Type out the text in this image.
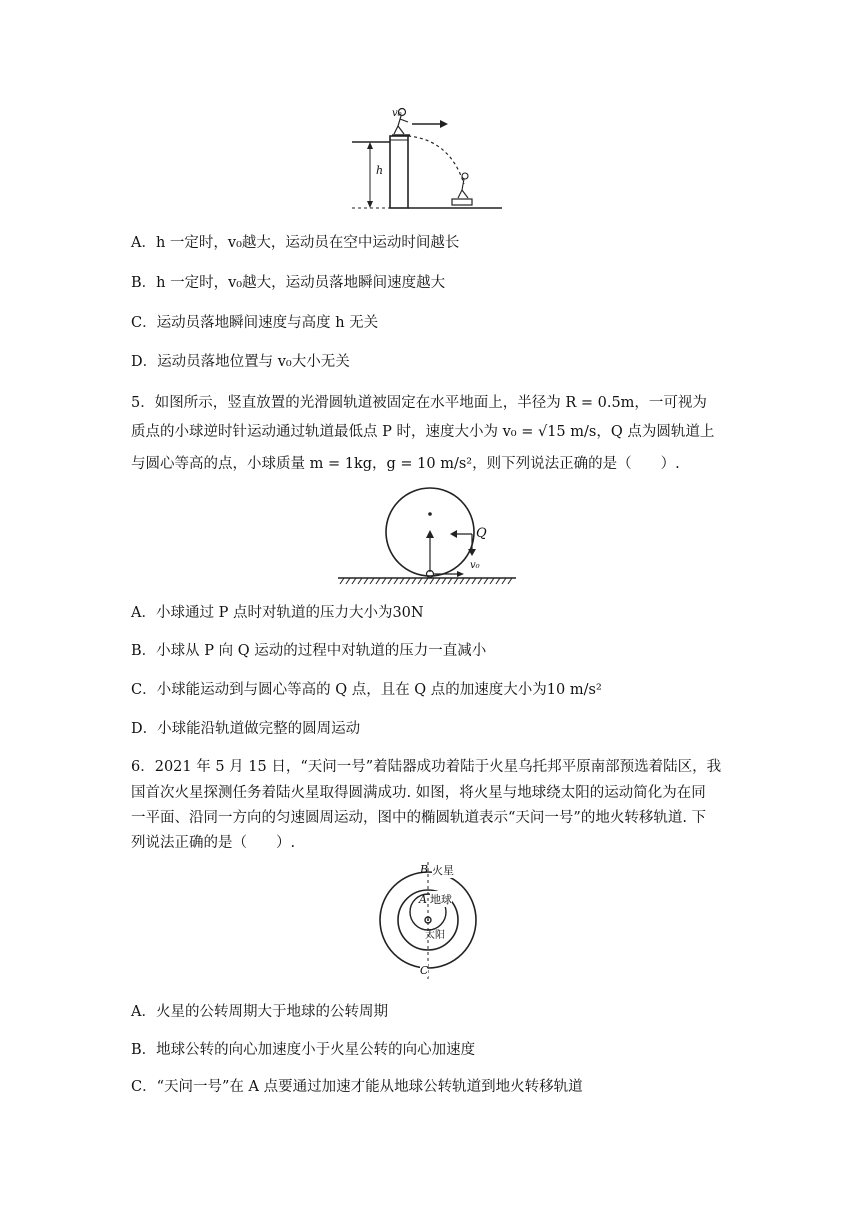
v₀
h
A．h 一定时，v₀越大，运动员在空中运动时间越长
B．h 一定时，v₀越大，运动员落地瞬间速度越大
C．运动员落地瞬间速度与高度 h 无关
D．运动员落地位置与 v₀大小无关
5．如图所示，竖直放置的光滑圆轨道被固定在水平地面上，半径为 R = 0.5m，一可视为
质点的小球逆时针运动通过轨道最低点 P 时，速度大小为 v₀ = √15 m/s，Q 点为圆轨道上
与圆心等高的点，小球质量 m = 1kg，g = 10 m/s²，则下列说法正确的是（　　）.
Q
v₀
A．小球通过 P 点时对轨道的压力大小为30N
B．小球从 P 向 Q 运动的过程中对轨道的压力一直减小
C．小球能运动到与圆心等高的 Q 点，且在 Q 点的加速度大小为10 m/s²
D．小球能沿轨道做完整的圆周运动
6．2021 年 5 月 15 日，“天问一号”着陆器成功着陆于火星乌托邦平原南部预选着陆区，我
国首次火星探测任务着陆火星取得圆满成功. 如图，将火星与地球绕太阳的运动简化为在同
一平面、沿同一方向的匀速圆周运动，图中的椭圆轨道表示“天问一号”的地火转移轨道. 下
列说法正确的是（　　）.
B 火星
A 地球
太阳
C
A．火星的公转周期大于地球的公转周期
B．地球公转的向心加速度小于火星公转的向心加速度
C．“天问一号”在 A 点要通过加速才能从地球公转轨道到地火转移轨道
